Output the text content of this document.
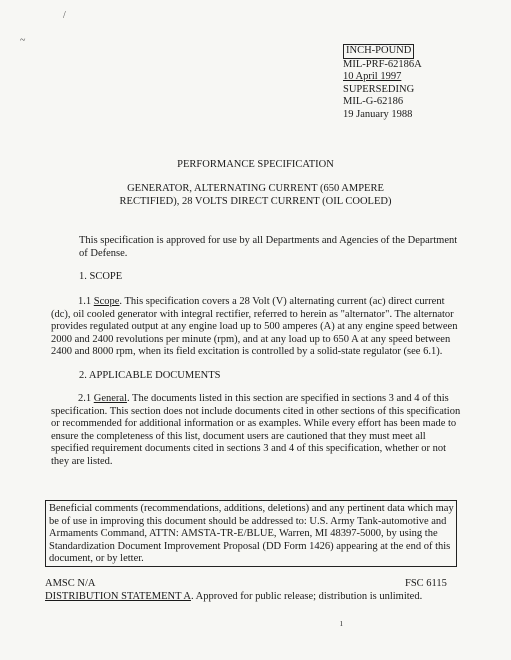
/
~
INCH-POUND
MIL-PRF-62186A
10 April 1997
SUPERSEDING
MIL-G-62186
19 January 1988
PERFORMANCE SPECIFICATION
GENERATOR, ALTERNATING CURRENT (650 AMPERE
RECTIFIED), 28 VOLTS DIRECT CURRENT (OIL COOLED)
This specification is approved for use by all Departments and Agencies of the Department
of Defense.
1. SCOPE
1.1 Scope. This specification covers a 28 Volt (V) alternating current (ac) direct current
(dc), oil cooled generator with integral rectifier, referred to herein as "alternator". The alternator
provides regulated output at any engine load up to 500 amperes (A) at any engine speed between
2000 and 2400 revolutions per minute (rpm), and at any load up to 650 A at any speed between
2400 and 8000 rpm, when its field excitation is controlled by a solid-state regulator (see 6.1).
2. APPLICABLE DOCUMENTS
2.1 General. The documents listed in this section are specified in sections 3 and 4 of this
specification. This section does not include documents cited in other sections of this specification
or recommended for additional information or as examples. While every effort has been made to
ensure the completeness of this list, document users are cautioned that they must meet all
specified requirement documents cited in sections 3 and 4 of this specification, whether or not
they are listed.
Beneficial comments (recommendations, additions, deletions) and any pertinent data which may
be of use in improving this document should be addressed to: U.S. Army Tank-automotive and
Armaments Command, ATTN: AMSTA-TR-E/BLUE, Warren, MI 48397-5000, by using the
Standardization Document Improvement Proposal (DD Form 1426) appearing at the end of this
document, or by letter.
AMSC N/A	FSC 6115
DISTRIBUTION STATEMENT A. Approved for public release; distribution is unlimited.
ı
